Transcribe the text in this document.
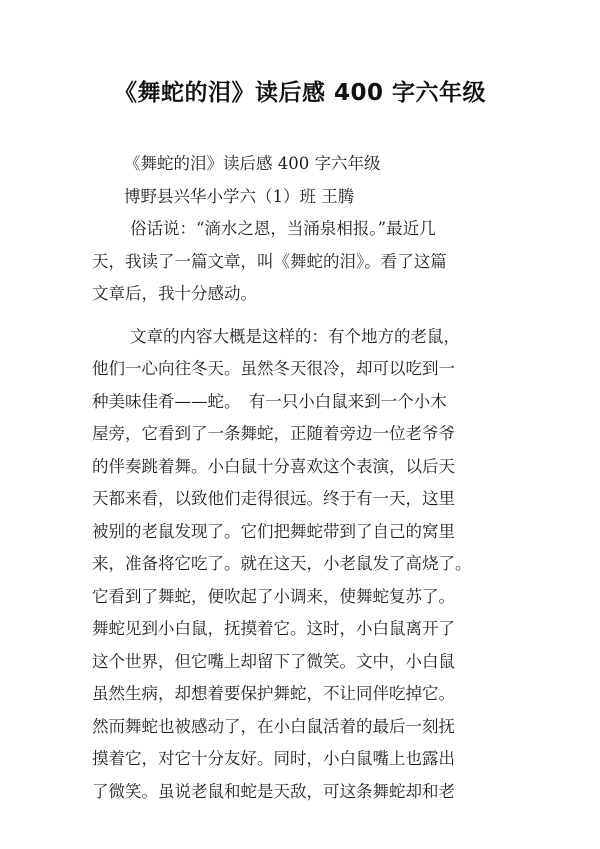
《舞蛇的泪》读后感 400 字六年级
《舞蛇的泪》读后感 400 字六年级
博野县兴华小学六（1）班 王腾
俗话说：“滴水之恩，当涌泉相报。”最近几
天，我读了一篇文章，叫《舞蛇的泪》。看了这篇
文章后，我十分感动。
文章的内容大概是这样的：有个地方的老鼠，
他们一心向往冬天。虽然冬天很冷，却可以吃到一
种美味佳肴——蛇。　有一只小白鼠来到一个小木
屋旁，它看到了一条舞蛇，正随着旁边一位老爷爷
的伴奏跳着舞。小白鼠十分喜欢这个表演，以后天
天都来看，以致他们走得很远。终于有一天，这里
被别的老鼠发现了。它们把舞蛇带到了自己的窝里
来，准备将它吃了。就在这天，小老鼠发了高烧了。
它看到了舞蛇，便吹起了小调来，使舞蛇复苏了。
舞蛇见到小白鼠，抚摸着它。这时，小白鼠离开了
这个世界，但它嘴上却留下了微笑。文中，小白鼠
虽然生病，却想着要保护舞蛇，不让同伴吃掉它。
然而舞蛇也被感动了，在小白鼠活着的最后一刻抚
摸着它，对它十分友好。同时，小白鼠嘴上也露出
了微笑。虽说老鼠和蛇是天敌，可这条舞蛇却和老
